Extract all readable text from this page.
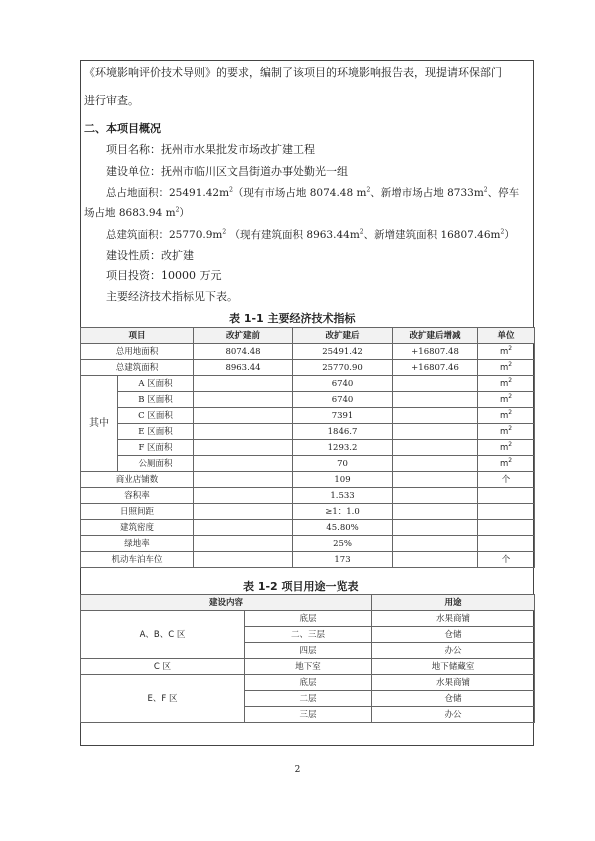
《环境影响评价技术导则》的要求，编制了该项目的环境影响报告表，现提请环保部门
进行审查。
二、本项目概况
项目名称：抚州市水果批发市场改扩建工程
建设单位：抚州市临川区文昌街道办事处勤光一组
总占地面积：$25491.42m^2$（现有市场占地 8074.48 $m^2$、新增市场占地 $8733m^2$、停车
场占地 8683.94 $m^2$）
总建筑面积：$25770.9m^2$ （现有建筑面积 $8963.44m^2$、新增建筑面积 $16807.46m^2$）
建设性质：改扩建
项目投资：10000 万元
主要经济技术指标见下表。
表 1-1 主要经济技术指标
项目		改扩建前	改扩建后	改扩建后增减	单位
总用地面积		8074.48	25491.42	+16807.48	$m^2$
总建筑面积		8963.44	25770.90	+16807.46	$m^2$
其中	A 区面积		6740		$m^2$
	B 区面积		6740		$m^2$
	C 区面积		7391		$m^2$
	E 区面积		1846.7		$m^2$
	F 区面积		1293.2		$m^2$
	公厕面积		70		$m^2$
商业店铺数			109		个
容积率			1.533		
日照间距			≥1：1.0		
建筑密度			45.80%		
绿地率			25%		
机动车泊车位			173		个
表 1-2 项目用途一览表
建设内容		用途
A、B、C 区	底层	水果商铺
	二、三层	仓储
	四层	办公
C 区	地下室	地下储藏室
E、F 区	底层	水果商铺
	二层	仓储
	三层	办公
2
